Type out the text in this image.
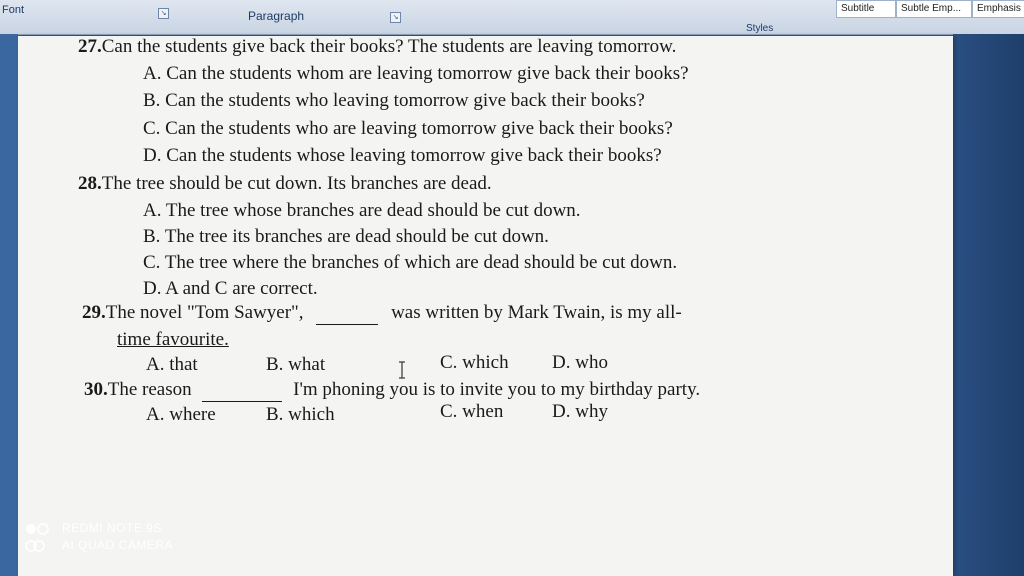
Font	↘	Paragraph	↘
Styles
Subtitle	Subtle Emp...	Emphasis
27.Can the students give back their books? The students are leaving tomorrow.
A. Can the students whom are leaving tomorrow give back their books?
B. Can the students who leaving tomorrow give back their books?
C. Can the students who are leaving tomorrow give back their books?
D. Can the students whose leaving tomorrow give back their books?
28.The tree should be cut down. Its branches are dead.
A. The tree whose branches are dead should be cut down.
B. The tree its branches are dead should be cut down.
C. The tree where the branches of which are dead should be cut down.
D. A and C are correct.
29.The novel "Tom Sawyer",	was written by Mark Twain, is my all-
time favourite.
A. that	B. what	C. which D. who
30.The reason	I'm phoning you is to invite you to my birthday party.
A. where	B. which	C. when	D. why
REDMI NOTE 9S
AI QUAD CAMERA
